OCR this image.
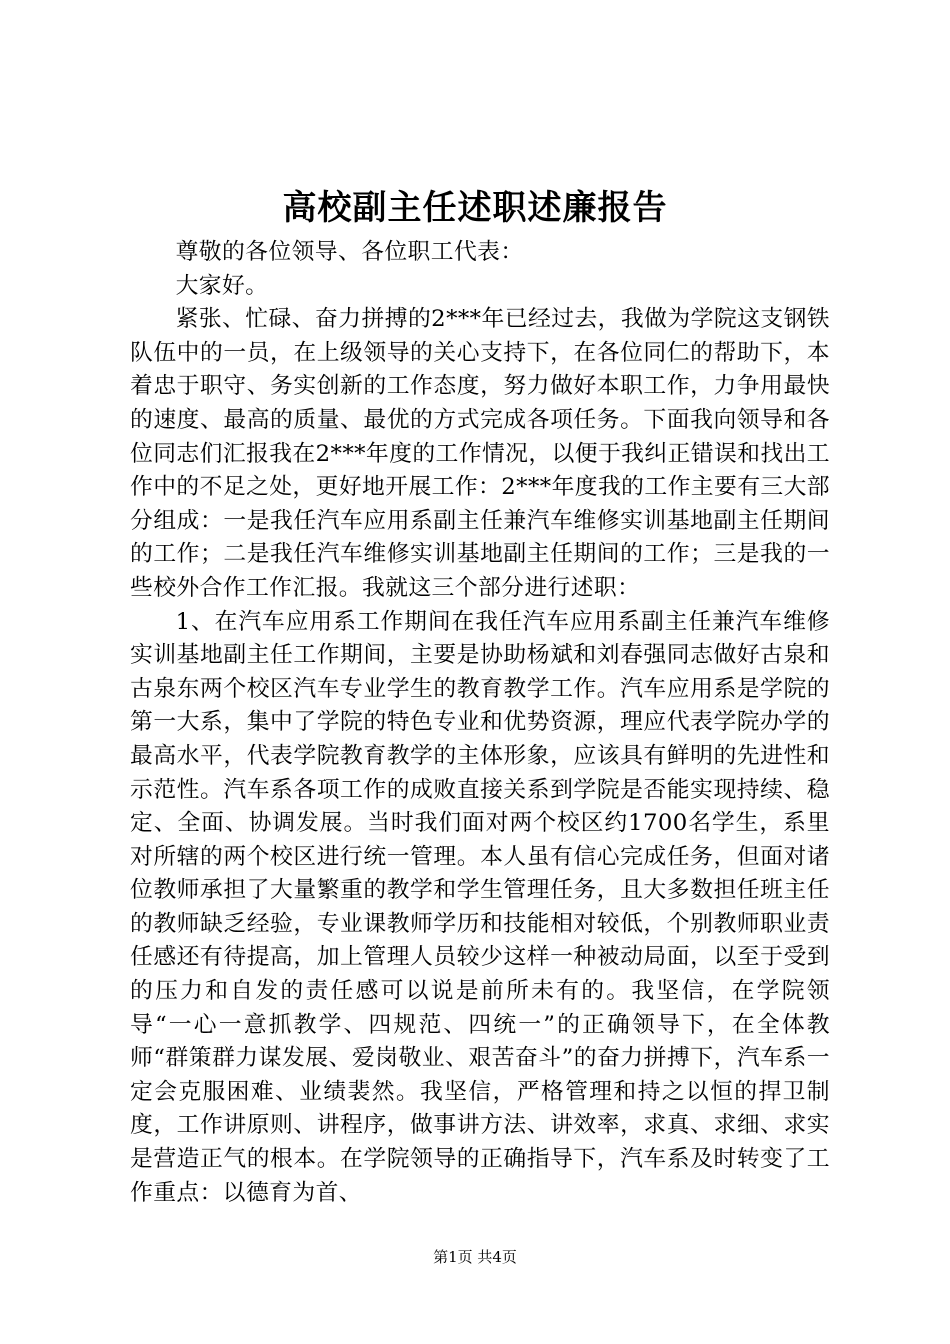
高校副主任述职述廉报告

尊敬的各位领导、各位职工代表：

大家好。

紧张、忙碌、奋力拼搏的2***年已经过去，我做为学院这支钢铁队伍中的一员，在上级领导的关心支持下，在各位同仁的帮助下，本着忠于职守、务实创新的工作态度，努力做好本职工作，力争用最快的速度、最高的质量、最优的方式完成各项任务。下面我向领导和各位同志们汇报我在2***年度的工作情况，以便于我纠正错误和找出工作中的不足之处，更好地开展工作：2***年度我的工作主要有三大部分组成：一是我任汽车应用系副主任兼汽车维修实训基地副主任期间的工作；二是我任汽车维修实训基地副主任期间的工作；三是我的一些校外合作工作汇报。我就这三个部分进行述职：

1、在汽车应用系工作期间在我任汽车应用系副主任兼汽车维修实训基地副主任工作期间，主要是协助杨斌和刘春强同志做好古泉和古泉东两个校区汽车专业学生的教育教学工作。汽车应用系是学院的第一大系，集中了学院的特色专业和优势资源，理应代表学院办学的最高水平，代表学院教育教学的主体形象，应该具有鲜明的先进性和示范性。汽车系各项工作的成败直接关系到学院是否能实现持续、稳定、全面、协调发展。当时我们面对两个校区约1700名学生，系里对所辖的两个校区进行统一管理。本人虽有信心完成任务，但面对诸位教师承担了大量繁重的教学和学生管理任务，且大多数担任班主任的教师缺乏经验，专业课教师学历和技能相对较低，个别教师职业责任感还有待提高，加上管理人员较少这样一种被动局面，以至于受到的压力和自发的责任感可以说是前所未有的。我坚信，在学院领导“一心一意抓教学、四规范、四统一”的正确领导下，在全体教师“群策群力谋发展、爱岗敬业、艰苦奋斗”的奋力拼搏下，汽车系一定会克服困难、业绩裴然。我坚信，严格管理和持之以恒的捍卫制度，工作讲原则、讲程序，做事讲方法、讲效率，求真、求细、求实是营造正气的根本。在学院领导的正确指导下，汽车系及时转变了工作重点：以德育为首、

第1页 共4页
